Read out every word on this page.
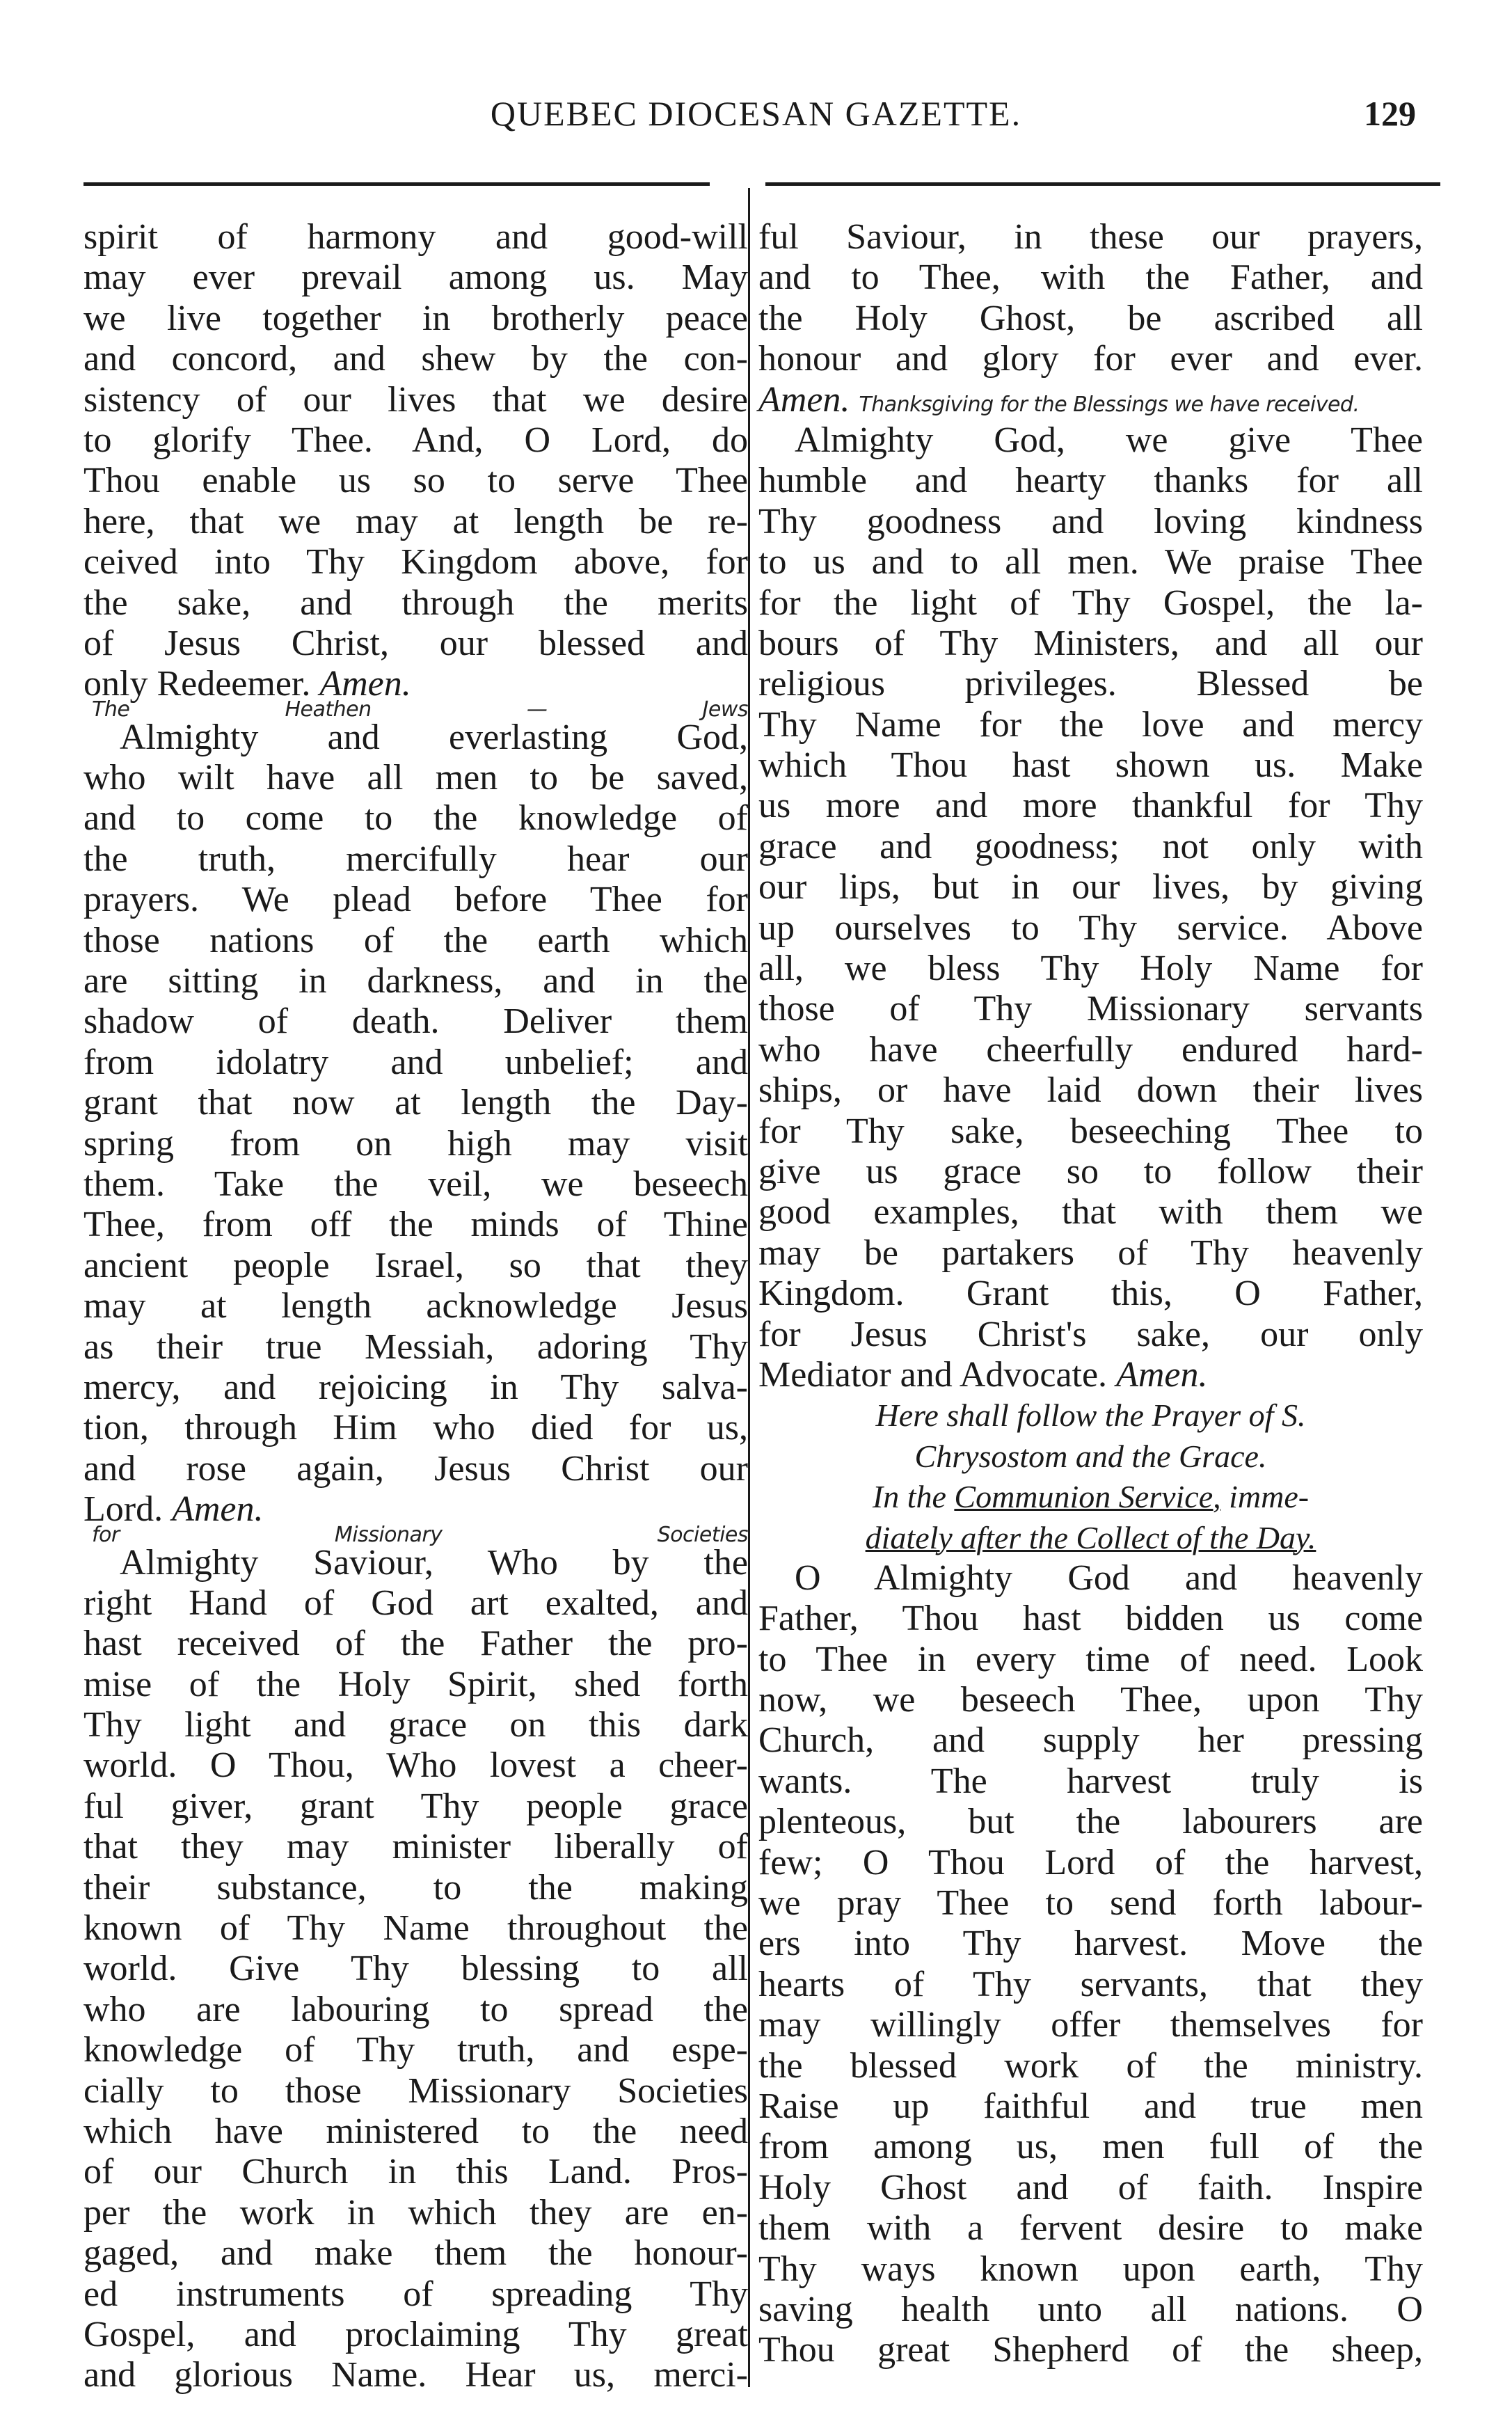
QUEBEC DIOCESAN GAZETTE.	129
spirit of harmony and good-will
may ever prevail among us. May
we live together in brotherly peace
and concord, and shew by the con-
sistency of our lives that we desire
to glorify Thee. And, O Lord, do
Thou enable us so to serve Thee
here, that we may at length be re-
ceived into Thy Kingdom above, for
the sake, and through the merits
of Jesus Christ, our blessed and
only Redeemer. Amen.
The Heathen — Jews
Almighty and everlasting God,
who wilt have all men to be saved,
and to come to the knowledge of
the truth, mercifully hear our
prayers. We plead before Thee for
those nations of the earth which
are sitting in darkness, and in the
shadow of death. Deliver them
from idolatry and unbelief; and
grant that now at length the Day-
spring from on high may visit
them. Take the veil, we beseech
Thee, from off the minds of Thine
ancient people Israel, so that they
may at length acknowledge Jesus
as their true Messiah, adoring Thy
mercy, and rejoicing in Thy salva-
tion, through Him who died for us,
and rose again, Jesus Christ our
Lord. Amen.
for Missionary Societies
Almighty Saviour, Who by the
right Hand of God art exalted, and
hast received of the Father the pro-
mise of the Holy Spirit, shed forth
Thy light and grace on this dark
world. O Thou, Who lovest a cheer-
ful giver, grant Thy people grace
that they may minister liberally of
their substance, to the making
known of Thy Name throughout the
world. Give Thy blessing to all
who are labouring to spread the
knowledge of Thy truth, and espe-
cially to those Missionary Societies
which have ministered to the need
of our Church in this Land. Pros-
per the work in which they are en-
gaged, and make them the honour-
ed instruments of spreading Thy
Gospel, and proclaiming Thy great
and glorious Name. Hear us, merci-
ful Saviour, in these our prayers,
and to Thee, with the Father, and
the Holy Ghost, be ascribed all
honour and glory for ever and ever.
Amen. Thanksgiving for the Blessings we have received.
Almighty God, we give Thee
humble and hearty thanks for all
Thy goodness and loving kindness
to us and to all men. We praise Thee
for the light of Thy Gospel, the la-
bours of Thy Ministers, and all our
religious privileges. Blessed be
Thy Name for the love and mercy
which Thou hast shown us. Make
us more and more thankful for Thy
grace and goodness; not only with
our lips, but in our lives, by giving
up ourselves to Thy service. Above
all, we bless Thy Holy Name for
those of Thy Missionary servants
who have cheerfully endured hard-
ships, or have laid down their lives
for Thy sake, beseeching Thee to
give us grace so to follow their
good examples, that with them we
may be partakers of Thy heavenly
Kingdom. Grant this, O Father,
for Jesus Christ's sake, our only
Mediator and Advocate. Amen.
Here shall follow the Prayer of S.
Chrysostom and the Grace.
In the Communion Service, imme-
diately after the Collect of the Day.
O Almighty God and heavenly
Father, Thou hast bidden us come
to Thee in every time of need. Look
now, we beseech Thee, upon Thy
Church, and supply her pressing
wants. The harvest truly is
plenteous, but the labourers are
few; O Thou Lord of the harvest,
we pray Thee to send forth labour-
ers into Thy harvest. Move the
hearts of Thy servants, that they
may willingly offer themselves for
the blessed work of the ministry.
Raise up faithful and true men
from among us, men full of the
Holy Ghost and of faith. Inspire
them with a fervent desire to make
Thy ways known upon earth, Thy
saving health unto all nations. O
Thou great Shepherd of the sheep,
